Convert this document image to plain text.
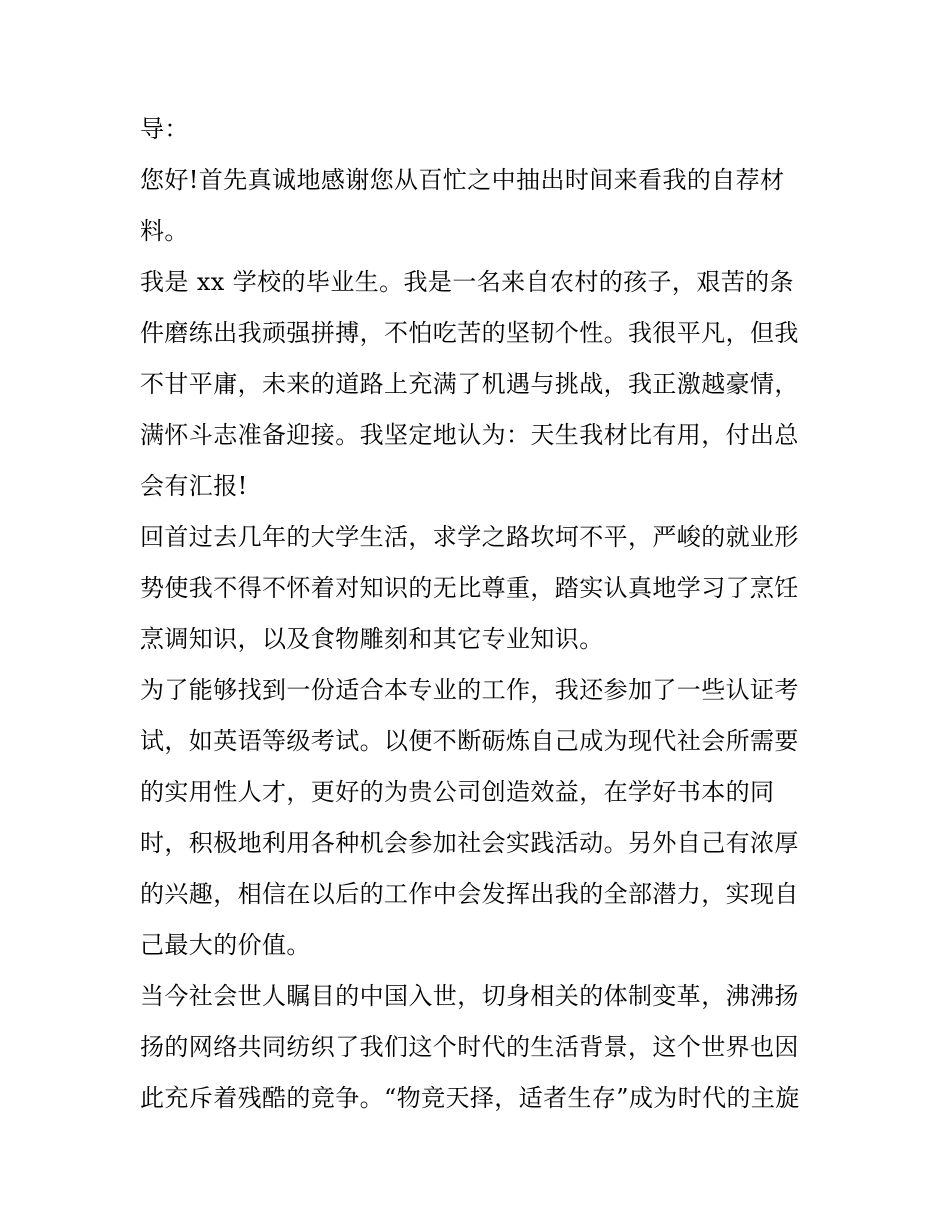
导：
您好!首先真诚地感谢您从百忙之中抽出时间来看我的自荐材
料。
我是 xx 学校的毕业生。我是一名来自农村的孩子，艰苦的条
件磨练出我顽强拼搏，不怕吃苦的坚韧个性。我很平凡，但我
不甘平庸，未来的道路上充满了机遇与挑战，我正激越豪情，
满怀斗志准备迎接。我坚定地认为：天生我材比有用，付出总
会有汇报!
回首过去几年的大学生活，求学之路坎坷不平，严峻的就业形
势使我不得不怀着对知识的无比尊重，踏实认真地学习了烹饪
烹调知识，以及食物雕刻和其它专业知识。
为了能够找到一份适合本专业的工作，我还参加了一些认证考
试，如英语等级考试。以便不断砺炼自己成为现代社会所需要
的实用性人才，更好的为贵公司创造效益，在学好书本的同
时，积极地利用各种机会参加社会实践活动。另外自己有浓厚
的兴趣，相信在以后的工作中会发挥出我的全部潜力，实现自
己最大的价值。
当今社会世人瞩目的中国入世，切身相关的体制变革，沸沸扬
扬的网络共同纺织了我们这个时代的生活背景，这个世界也因
此充斥着残酷的竞争。“物竞天择，适者生存”成为时代的主旋
